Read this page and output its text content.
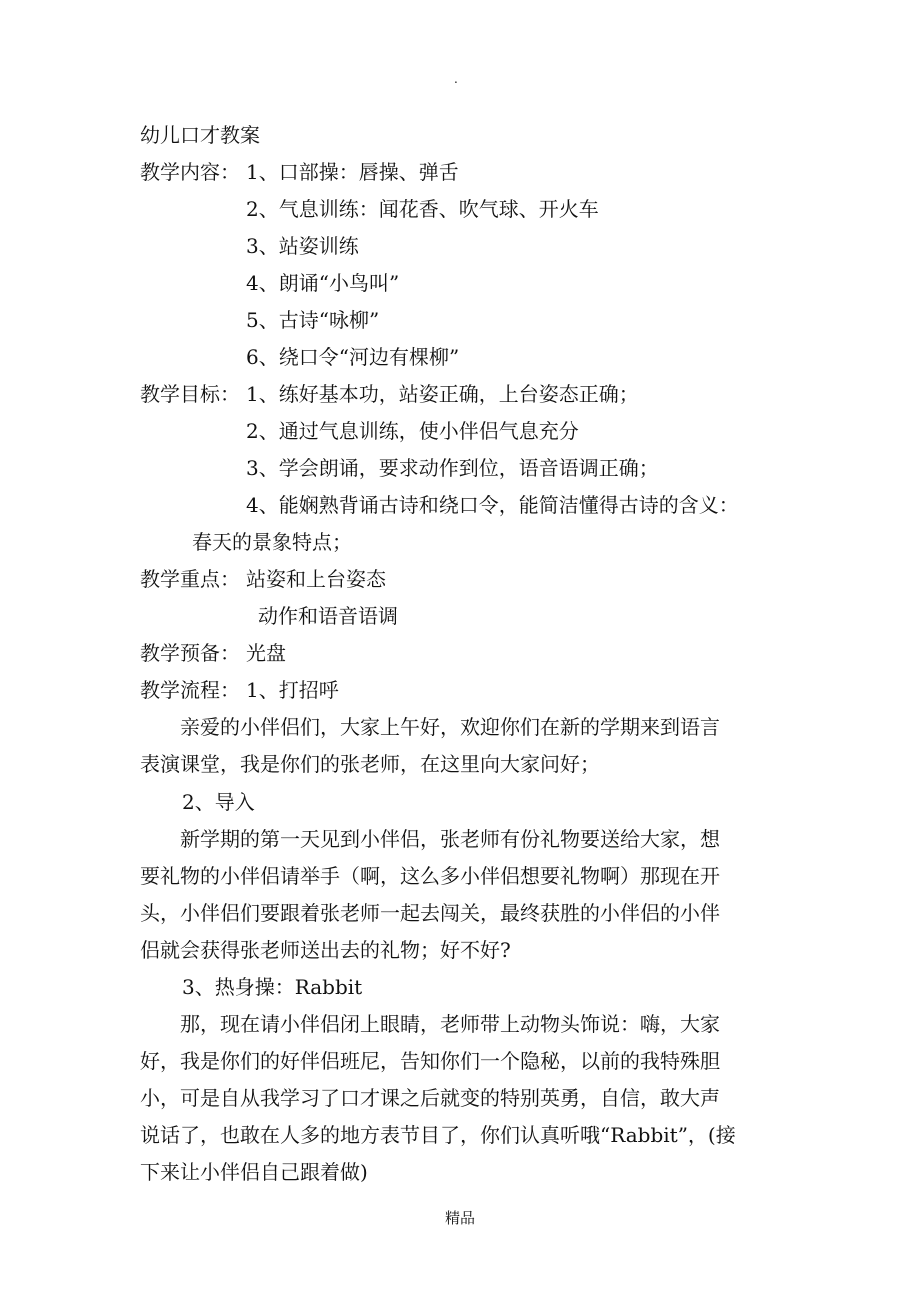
.
幼儿口才教案
教学内容： 1、口部操：唇操、弹舌
2、气息训练：闻花香、吹气球、开火车
3、站姿训练
4、朗诵“小鸟叫”
5、古诗“咏柳”
6、绕口令“河边有棵柳”
教学目标： 1、练好基本功，站姿正确，上台姿态正确；
2、通过气息训练，使小伴侣气息充分
3、学会朗诵，要求动作到位，语音语调正确；
4、能娴熟背诵古诗和绕口令，能简洁懂得古诗的含义：
春天的景象特点；
教学重点： 站姿和上台姿态
动作和语音语调
教学预备： 光盘
教学流程： 1、打招呼
亲爱的小伴侣们，大家上午好，欢迎你们在新的学期来到语言
表演课堂，我是你们的张老师，在这里向大家问好；
2、导入
新学期的第一天见到小伴侣，张老师有份礼物要送给大家，想
要礼物的小伴侣请举手（啊，这么多小伴侣想要礼物啊）那现在开
头，小伴侣们要跟着张老师一起去闯关，最终获胜的小伴侣的小伴
侣就会获得张老师送出去的礼物；好不好?
3、热身操：Rabbit
那，现在请小伴侣闭上眼睛，老师带上动物头饰说：嗨，大家
好，我是你们的好伴侣班尼，告知你们一个隐秘，以前的我特殊胆
小，可是自从我学习了口才课之后就变的特别英勇，自信，敢大声
说话了，也敢在人多的地方表节目了，你们认真听哦“Rabbit”，(接
下来让小伴侣自己跟着做)
精品
